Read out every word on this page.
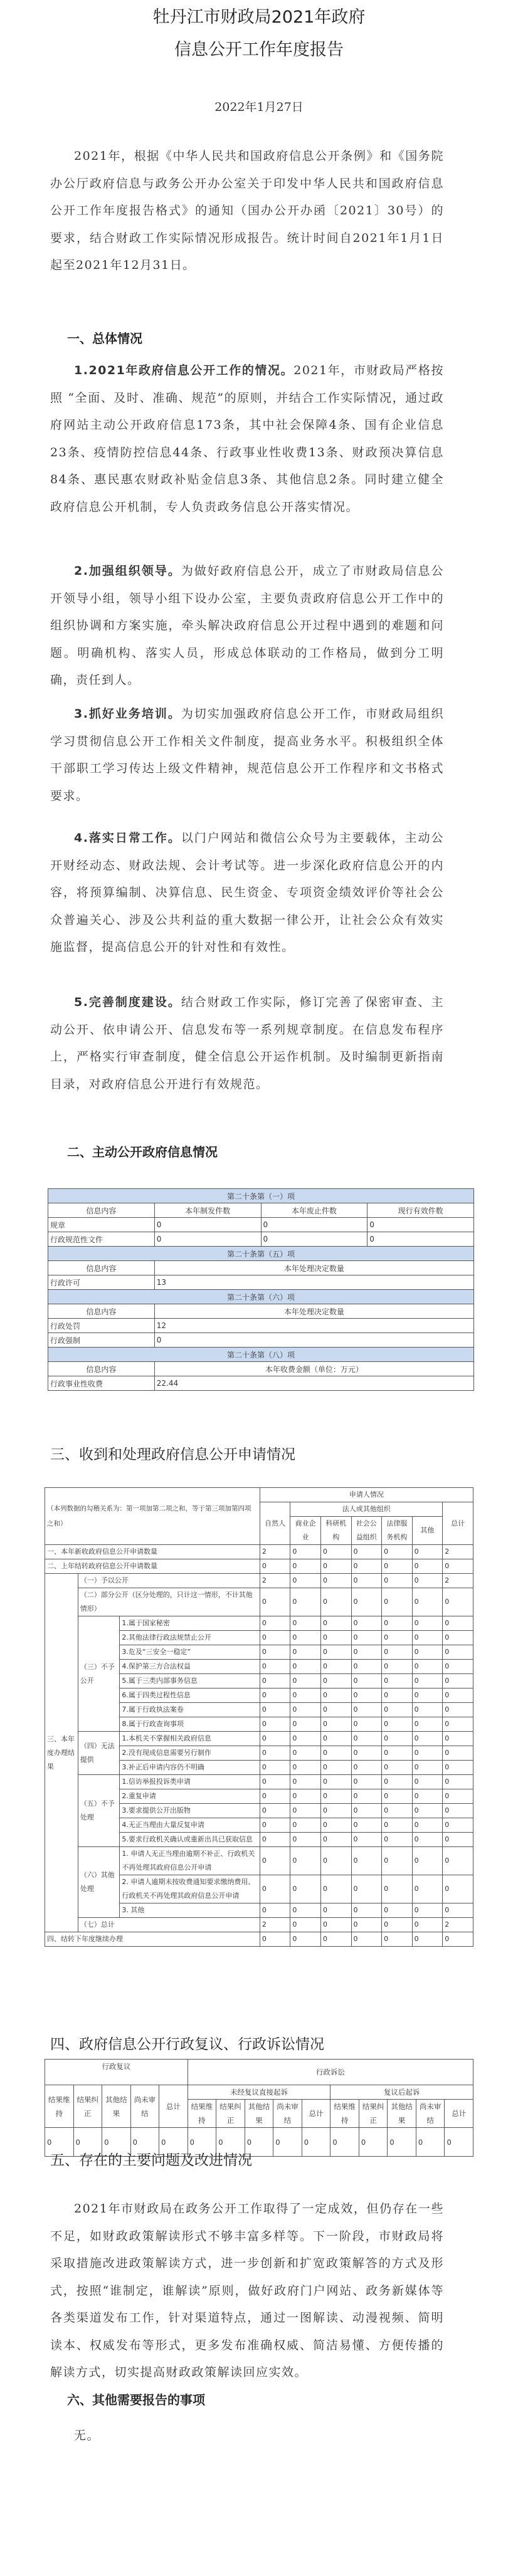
牡丹江市财政局2021年政府
信息公开工作年度报告
2022年1月27日

2021年，根据《中华人民共和国政府信息公开条例》和《国务院办公厅政府信息与政务公开办公室关于印发中华人民共和国政府信息公开工作年度报告格式》的通知（国办公开办函〔2021〕30号）的要求，结合财政工作实际情况形成报告。统计时间自2021年1月1日起至2021年12月31日。

一、总体情况

1.2021年政府信息公开工作的情况。2021年，市财政局严格按照 “全面、及时、准确、规范”的原则，并结合工作实际情况，通过政府网站主动公开政府信息173条，其中社会保障4条、国有企业信息23条、疫情防控信息44条、行政事业性收费13条、财政预决算信息84条、惠民惠农财政补贴金信息3条、其他信息2条。同时建立健全政府信息公开机制，专人负责政务信息公开落实情况。

2.加强组织领导。为做好政府信息公开，成立了市财政局信息公开领导小组，领导小组下设办公室，主要负责政府信息公开工作中的组织协调和方案实施，牵头解决政府信息公开过程中遇到的难题和问题。明确机构、落实人员，形成总体联动的工作格局，做到分工明确，责任到人。

3.抓好业务培训。为切实加强政府信息公开工作，市财政局组织学习贯彻信息公开工作相关文件制度，提高业务水平。积极组织全体干部职工学习传达上级文件精神，规范信息公开工作程序和文书格式要求。

4.落实日常工作。以门户网站和微信公众号为主要载体，主动公开财经动态、财政法规、会计考试等。进一步深化政府信息公开的内容，将预算编制、决算信息、民生资金、专项资金绩效评价等社会公众普遍关心、涉及公共利益的重大数据一律公开，让社会公众有效实施监督，提高信息公开的针对性和有效性。

5.完善制度建设。结合财政工作实际，修订完善了保密审查、主动公开、依申请公开、信息发布等一系列规章制度。在信息发布程序上，严格实行审查制度，健全信息公开运作机制。及时编制更新指南目录，对政府信息公开进行有效规范。

二、主动公开政府信息情况
第二十条第（一）项			
信息内容	本年制发件数	本年废止件数	现行有效件数
规章	0	0	0
行政规范性文件	0	0	0
第二十条第（五）项			
信息内容	本年处理决定数量		
行政许可	13		
第二十条第（六）项			
信息内容	本年处理决定数量		
行政处罚	12		
行政强制	0		
第二十条第（八）项			
信息内容	本年收费金额（单位：万元）		
行政事业性收费	22.44		
三、收到和处理政府信息公开申请情况
（本列数据的勾稽关系为：第一项加第二项之和，等于第三项加第四项之和）			申请人情况						
			自然人	法人或其他组织					总计
				商业企业	科研机构	社会公益组织	法律服务机构	其他	
一、本年新收政府信息公开申请数量			2	0	0	0	0	0	2
二、上年结转政府信息公开申请数量			0	0	0	0	0	0	0
三、本年度办理结果	（一）予以公开		2	0	0	0	0	0	2
	（二）部分公开（区分处理的，只计这一情形，不计其他情形）		0	0	0	0	0	0	0
	（三）不予公开	1.属于国家秘密	0	0	0	0	0	0	0
		2.其他法律行政法规禁止公开	0	0	0	0	0	0	0
		3.危及“三安全一稳定”	0	0	0	0	0	0	0
		4.保护第三方合法权益	0	0	0	0	0	0	0
		5.属于三类内部事务信息	0	0	0	0	0	0	0
		6.属于四类过程性信息	0	0	0	0	0	0	0
		7.属于行政执法案卷	0	0	0	0	0	0	0
		8.属于行政查询事项	0	0	0	0	0	0	0
	（四）无法提供	1.本机关不掌握相关政府信息	0	0	0	0	0	0	0
		2.没有现成信息需要另行制作	0	0	0	0	0	0	0
		3.补正后申请内容仍不明确	0	0	0	0	0	0	0
	（五）不予处理	1.信访举报投诉类申请	0	0	0	0	0	0	0
		2.重复申请	0	0	0	0	0	0	0
		3.要求提供公开出版物	0	0	0	0	0	0	0
		4.无正当理由大量反复申请	0	0	0	0	0	0	0
		5.要求行政机关确认或重新出具已获取信息	0	0	0	0	0	0	0
	（六）其他处理	1. 申请人无正当理由逾期不补正、行政机关不再处理其政府信息公开申请	0	0	0	0	0	0	0
		2. 申请人逾期未按收费通知要求缴纳费用、行政机关不再处理其政府信息公开申请	0	0	0	0	0	0	0
		3. 其他	0	0	0	0	0	0	0
	（七）总计		2	0	0	0	0	0	2
四、结转下年度继续办理			0	0	0	0	0	0	0
四、政府信息公开行政复议、行政诉讼情况
行政复议					行政诉讼									

结果维持	结果纠正	其他结果	尚未审结	总计	未经复议直接起诉					复议后起诉				
					结果维持	结果纠正	其他结果	尚未审结	总计	结果维持	结果纠正	其他结果	尚未审结	总计
0	0	0	0	0	0	0	0	0	0	0	0	0	0	0
五、存在的主要问题及改进情况

2021年市财政局在政务公开工作取得了一定成效，但仍存在一些不足，如财政政策解读形式不够丰富多样等。下一阶段，市财政局将采取措施改进政策解读方式，进一步创新和扩宽政策解答的方式及形式，按照“谁制定，谁解读”原则，做好政府门户网站、政务新媒体等各类渠道发布工作，针对渠道特点，通过一图解读、动漫视频、简明读本、权威发布等形式，更多发布准确权威、简洁易懂、方便传播的解读方式，切实提高财政政策解读回应实效。

六、其他需要报告的事项

无。
